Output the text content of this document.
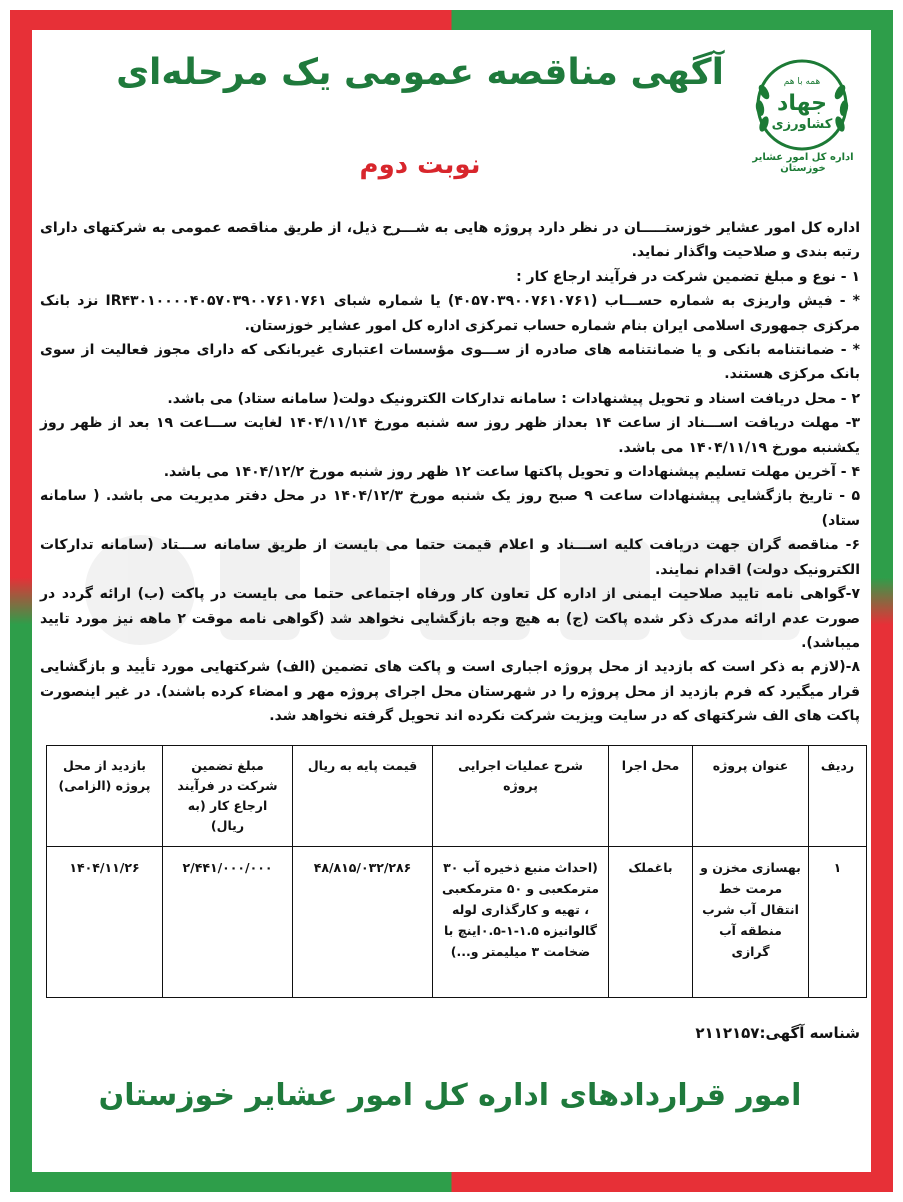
همه با هم
جهاد
کشاورزی
اداره کل امور عشایر خوزستان
آگهی مناقصه عمومی یک مرحله‌ای
نوبت دوم

اداره کل امور عشایر خوزستـــــان در نظر دارد پروژه هایی به شـــرح ذیل، از طریق مناقصه عمومی به شرکتهای دارای رتبه بندی و صلاحیت واگذار نماید.

۱ - نوع و مبلغ تضمین شرکت در فرآیند ارجاع کار :

* - فیش واریزی به شماره حســـاب (۴۰۵۷۰۳۹۰۰۷۶۱۰۷۶۱) یا شماره شبای IR۴۳۰۱۰۰۰۰۴۰۵۷۰۳۹۰۰۷۶۱۰۷۶۱ نزد بانک مرکزی جمهوری اسلامی ایران بنام شماره حساب تمرکزی اداره کل امور عشایر خوزستان.

* - ضمانتنامه بانکی و یا ضمانتنامه های صادره از ســـوی مؤسسات اعتباری غیربانکی که دارای مجوز فعالیت از سوی بانک مرکزی هستند.

۲ - محل دریافت اسناد و تحویل پیشنهادات : سامانه تدارکات الکترونیک دولت( سامانه ستاد) می باشد.

۳- مهلت دریافت اســـناد از ساعت ۱۴ بعداز ظهر روز سه شنبه مورخ ۱۴۰۴/۱۱/۱۴ لغایت ســـاعت ۱۹ بعد از ظهر روز یکشنبه مورخ ۱۴۰۴/۱۱/۱۹ می باشد.

۴ - آخرین مهلت تسلیم پیشنهادات و تحویل پاکتها ساعت ۱۲ ظهر روز شنبه مورخ ۱۴۰۴/۱۲/۲ می باشد.

۵ - تاریخ بازگشایی پیشنهادات ساعت ۹ صبح روز یک شنبه مورخ ۱۴۰۴/۱۲/۳ در محل دفتر مدیریت می باشد. ( سامانه ستاد)

۶- مناقصه گران جهت دریافت کلیه اســـناد و اعلام قیمت حتما می بایست از طریق سامانه ســـتاد (سامانه تدارکات الکترونیک دولت) اقدام نمایند.

۷-گواهی نامه تایید صلاحیت ایمنی از اداره کل تعاون کار ورفاه اجتماعی حتما می بایست در پاکت (ب) ارائه گردد در صورت عدم ارائه مدرک ذکر شده پاکت (ج) به هیچ وجه بازگشایی نخواهد شد (گواهی نامه موقت ۲ ماهه نیز مورد تایید میباشد).

۸-(لازم به ذکر است که بازدید از محل پروژه اجباری است و پاکت های تضمین (الف) شرکتهایی مورد تأیید و بازگشایی قرار میگیرد که فرم بازدید از محل پروژه را در شهرستان محل اجرای پروژه مهر و امضاء کرده باشند). در غیر اینصورت پاکت های الف شرکتهای که در سایت ویزیت شرکت نکرده اند تحویل گرفته نخواهد شد.

ردیف	عنوان پروژه	محل اجرا	شرح عملیات اجرایی پروژه	قیمت پایه به ریال	مبلغ تضمین شرکت در فرآیند ارجاع کار (به ریال)	بازدید از محل پروژه (الزامی)
۱	بهسازی مخزن و مرمت خط انتقال آب شرب منطقه آب گرازی	باغملک	(احداث منبع ذخیره آب ۳۰ مترمکعبی و ۵۰ مترمکعبی ، تهیه و کارگذاری لوله گالوانیزه ۱.۵-۱-۰.۵اینچ با ضخامت ۳ میلیمتر و...)	۴۸/۸۱۵/۰۳۲/۲۸۶	۲/۴۴۱/۰۰۰/۰۰۰	۱۴۰۴/۱۱/۲۶
شناسه آگهی:۲۱۱۲۱۵۷
امور قراردادهای اداره کل امور عشایر خوزستان
